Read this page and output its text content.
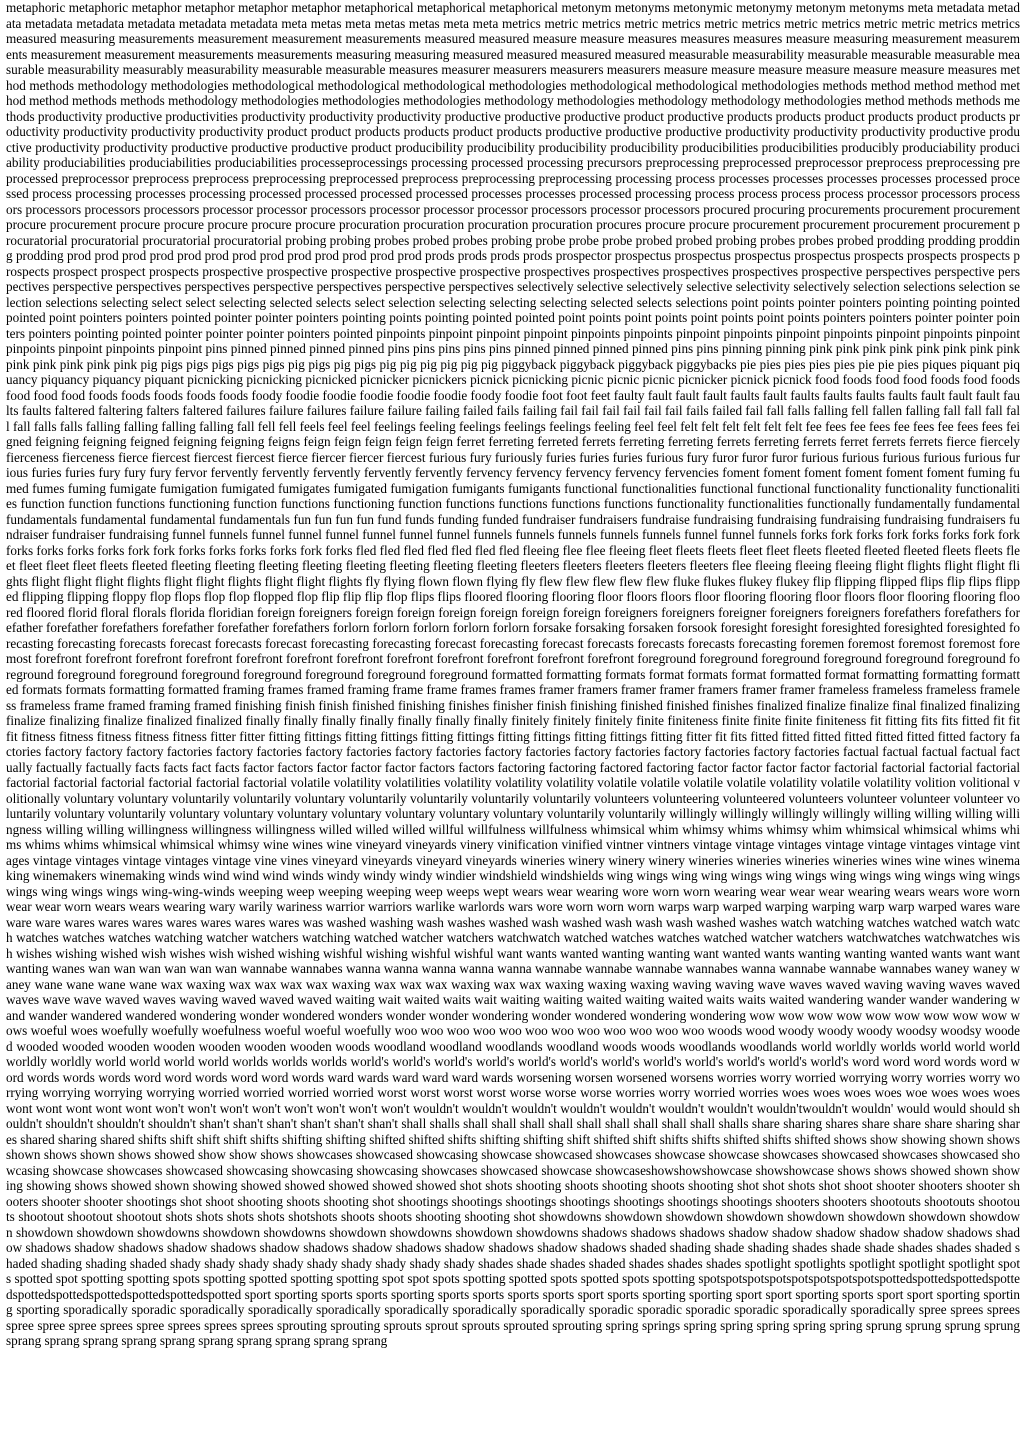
metaphoric metaphoric metaphor metaphor metaphor metaphor metaphorical metaphorical metaphorical metonym metonyms metonymic metonymy metonym metonyms meta metadata metadata metadata metadata metadata metadata metadata meta metas meta metas metas meta meta metrics metric metrics metric metrics metric metrics metric metrics metric metric metrics metrics measured measuring measurements measurement measurement measurements measured measured measure measure measures measures measures measure measuring measurement measurements measurement measurement measurements measurements measuring measuring measured measured measured measured measurable measurability measurable measurable measurable measurable measurability measurably measurability measurable measurable measures measurer measurers measurers measurers measure measure measure measure measure measure measures method methods methodology methodologies methodological methodological methodological methodologies methodological methodological methodologies methods method method method method method methods methods methodology methodologies methodologies methodologies methodology methodologies methodology methodology methodologies method methods methods methods productivity productive productivities productivity productivity productivity productive productive productive product productive products products product products product products productivity productivity productivity productivity product product products products product products productive productive productive productivity productivity productivity productive productive productivity productivity productive productive productive product producibility producibility producibility producibility producibilities producibilities producibly produciability produciability produciabilities produciabilities produciabilities processeprocessings processing processed processing precursors preprocessing preprocessed preprocessor preprocess preprocessing preprocessed preprocessor preprocess preprocess preprocessing preprocessed preprocess preprocessing preprocessing processing process processes processes processes processes processed processed process processing processes processing processed processed processed processed processes processes processed processing process process process process processor processors processors processors processors processors processor processor processors processor processor processor processors processor processors procured procuring procurements procurement procurement procure procurement procure procure procure procure procure procuration procuration procuration procuration procures procure procure procurement procurement procurement procurement procuratorial procuratorial procuratorial procuratorial probing probing probes probed probes probing probe probe probe probed probed probing probes probes probed prodding prodding prodding prodding prod prod prod prod prod prod prod prod prod prod prod prod prod prods prods prods prods prospector prospectus prospectus prospectus prospectus prospects prospects prospects prospects prospect prospect prospects prospective prospective prospective prospective prospective prospectives prospectives prospectives prospectives prospective perspectives perspective perspectives perspective perspectives perspectives perspective perspectives perspective perspectives selectively selective selectively selective selectivity selectively selection selections selection selection selections selecting select select selecting selected selects select selection selecting selecting selecting selected selects selections point points pointer pointers pointing pointing pointed pointed point pointers pointers pointed pointer pointer pointers pointing points pointing pointed pointed point points point points point points point points pointers pointers pointer pointer pointers pointers pointing pointed pointer pointer pointer pointers pointed pinpoints pinpoint pinpoint pinpoint pinpoints pinpoints pinpoint pinpoints pinpoint pinpoints pinpoint pinpoints pinpoint pinpoints pinpoint pinpoints pinpoint pins pinned pinned pinned pinned pins pins pins pins pins pinned pinned pinned pinned pins pins pinning pinning pink pink pink pink pink pink pink pink pink pink pink pink pink pig pigs pigs pigs pigs pigs pig pigs pig pigs pig pig pig pig pig pig piggyback piggyback piggyback piggybacks pie pies pies pies pies pie pie pies piques piquant piquancy piquancy piquancy piquant picnicking picnicking picnicked picnicker picnickers picnick picnicking picnic picnic picnic picnicker picnick picnick food foods food food foods food foods food food food foods foods foods foods foods foody foodie foodie foodie foodie foodie foody foodie foot foot feet faulty fault fault fault faults fault faults faults faults faults fault fault fault faults faults faltered faltering falters faltered failures failure failures failure failure failing failed fails failing fail fail fail fail fail fail fails failed fail fall falls falling fell fallen falling fall fall fall fall fall falls falls falling falling falling falling fall fell fell feels feel feel feelings feeling feelings feelings feelings feeling feel feel felt felt felt felt felt felt fee fees fee fees fee fees fee fees fees feigned feigning feigning feigned feigning feigning feigns feign feign feign feign feign ferret ferreting ferreted ferrets ferreting ferreting ferrets ferreting ferrets ferret ferrets ferrets fierce fiercely fierceness fierceness fierce fiercest fiercest fiercest fierce fiercer fiercer fiercest furious fury furiously furies furies furies furious fury furor furor furor furious furious furious furious furious furious furies furies fury fury fury fervor fervently fervently fervently fervently fervently fervency fervency fervency fervency fervencies foment foment foment foment foment foment fuming fumed fumes fuming fumigate fumigation fumigated fumigates fumigated fumigation fumigants fumigants functional functionalities functional functional functionality functionality functionalities function function functions functioning function functions functioning function functions functions functions functions functionality functionalities functionally fundamentally fundamental fundamentals fundamental fundamental fundamentals fun fun fun fun fund funds funding funded fundraiser fundraisers fundraise fundraising fundraising fundraising fundraising fundraisers fundraiser fundraiser fundraising funnel funnels funnel funnel funnel funnel funnel funnel funnels funnels funnels funnels funnels funnel funnel funnels forks fork forks fork forks forks fork fork forks forks forks forks fork fork forks forks forks forks fork forks fled fled fled fled fled fled fled fleeing flee flee fleeing fleet fleets fleets fleet fleet fleets fleeted fleeted fleeted fleets fleets fleet fleet fleet fleet fleets fleeted fleeting fleeting fleeting fleeting fleeting fleeting fleeting fleeting fleeters fleeters fleeters fleeters fleeters flee fleeing fleeing fleeing flight flights flight flight flights flight flight flight flights flight flight flights flight flight flights fly flying flown flown flying fly flew flew flew flew flew fluke flukes flukey flukey flip flipping flipped flips flip flips flipped flipping flipping floppy flop flops flop flop flopped flop flip flip flip flop flips flips floored flooring flooring floor floors floors floor flooring flooring floor floors floor flooring flooring floored floored florid floral florals florida floridian foreign foreigners foreign foreign foreign foreign foreign foreign foreigners foreigners foreigner foreigners foreigners forefathers forefathers forefather forefather forefathers forefather forefather forefathers forlorn forlorn forlorn forlorn forlorn forsake forsaking forsaken forsook foresight foresight foresighted foresighted foresighted forecasting forecasting forecasts forecast forecasts forecast forecasting forecasting forecast forecasting forecast forecasts forecasts forecasts forecasting foremen foremost foremost foremost foremost forefront forefront forefront forefront forefront forefront forefront forefront forefront forefront forefront forefront foreground foreground foreground foreground foreground foreground foreground foreground foreground foreground foreground foreground foreground foreground formatted formatting formats format formats format formatted format formatting formatting formatted formats formats formatting formatted framing frames framed framing frame frame frames frames framer framers framer framer framers framer framer frameless frameless frameless frameless frameless frame framed framing framed finishing finish finish finished finishing finishes finisher finish finishing finished finished finishes finalized finalize finalize final finalized finalizing finalize finalizing finalize finalized finalized finally finally finally finally finally finally finally finitely finitely finitely finite finiteness finite finite finite finiteness fit fitting fits fits fitted fit fit fit fitness fitness fitness fitness fitness fitter fitter fitting fittings fitting fittings fitting fittings fitting fittings fitting fittings fitting fitter fit fits fitted fitted fitted fitted fitted fitted fitted factory factories factory factory factory factories factory factories factory factories factory factories factory factories factory factories factory factories factory factories factual factual factual factual factually factually factually facts facts fact facts factor factors factor factor factor factors factors factoring factoring factored factoring factor factor factor factor factorial factorial factorial factorial factorial factorial factorial factorial factorial factorial volatile volatility volatilities volatility volatility volatility volatile volatile volatile volatile volatility volatile volatility volition volitional volitionally voluntary voluntary voluntarily voluntarily voluntary voluntarily voluntarily voluntarily voluntarily volunteers volunteering volunteered volunteers volunteer volunteer volunteer voluntarily voluntary voluntarily voluntary voluntary voluntary voluntary voluntary voluntary voluntary voluntarily voluntarily willingly willingly willingly willingly willing willing willing willingness willing willing willingness willingness willingness willed willed willed willful willfulness willfulness whimsical whim whimsy whims whimsy whim whimsical whimsical whims whims whims whims whimsical whimsical whimsy wine wines wine vineyard vineyards vinery vinification vinified vintner vintners vintage vintage vintages vintage vintage vintages vintage vintages vintage vintages vintage vintages vintage vine vines vineyard vineyards vineyard vineyards wineries winery winery winery wineries wineries wineries wineries wines wine wines winemaking winemakers winemaking winds wind wind wind winds windy windy windy windier windshield windshields wing wings wing wing wings wing wings wing wings wing wings wing wings wings wing wings wings wing-wing-winds weeping weep weeping weeping weep weeps wept wears wear wearing wore worn worn wearing wear wear wear wearing wears wears wore worn wear wear worn wears wears wearing wary warily wariness warrior warriors warlike warlords wars wore worn worn worn warps warp warped warping warping warp warp warped wares ware ware ware wares wares wares wares wares wares wares was washed washing wash washes washed wash washed wash wash wash washed washes watch watching watches watched watch watch watches watches watches watching watcher watchers watching watched watcher watchers watchwatch watched watches watches watched watcher watchers watchwatches watchwatches wish wishes wishing wished wish wishes wish wished wishing wishful wishing wishful wishful want wants wanted wanting wanting want wanted wants wanting wanting wanted wants want want wanting wanes wan wan wan wan wan wan wannabe wannabes wanna wanna wanna wanna wanna wannabe wannabe wannabe wannabes wanna wannabe wannabe wannabes waney waney waney wane wane wane wane wax waxing wax wax wax wax waxing wax wax wax waxing wax wax waxing waxing waxing waving waving wave waves waved waving waving waves waved waves wave wave waved waves waving waved waved waved waiting wait waited waits wait waiting waiting waited waiting waited waits waits waited wandering wander wander wandering wand wander wandered wandered wondering wonder wondered wonders wonder wonder wondering wonder wondered wondering wondering wow wow wow wow wow wow wow wow wow wows woeful woes woefully woefully woefulness woeful woeful woefully woo woo woo woo woo woo woo woo woo woo woo woo woods wood woody woody woody woodsy woodsy wooded wooded wooded wooden wooden wooden wooden wooden woods woodland woodland woodlands woodland woods woods woodlands woodlands world worldly worlds world world world worldly worldly world world world world worlds worlds worlds world's world's world's world's world's world's world's world's world's world's world's world's word word word words word word words words words word word words word word words ward wards ward ward ward wards worsening worsen worsened worsens worries worry worried worrying worry worries worry worrying worrying worrying worrying worried worried worried worried worst worst worst worst worse worse worse worries worry worried worries woes woes woes woes woe woes woes woes wont wont wont wont wont won't won't won't won't won't won't won't won't wouldn't wouldn't wouldn't wouldn't wouldn't wouldn't wouldn't wouldn'twouldn't wouldn' would would should shouldn't shouldn't shouldn't shouldn't shan't shan't shan't shan't shan't shan't shall shalls shall shall shall shall shall shall shall shall shall shalls share sharing shares share share share sharing shares shared sharing shared shifts shift shift shift shifts shifting shifting shifted shifted shifts shifting shifting shift shifted shift shifts shifts shifted shifts shifted shows show showing shown shows shown shows shown shows showed show show shows showcases showcased showcasing showcase showcased showcases showcase showcase showcases showcased showcases showcased showcasing showcase showcases showcased showcasing showcasing showcasing showcases showcased showcase showcaseshowshowshowcase showshowcase shows shows showed shown showing showing shows showed shown showing showed showed showed showed showed shot shots shooting shoots shooting shoots shooting shot shot shots shot shoot shooter shooters shooter shooters shooter shooter shootings shot shoot shooting shoots shooting shot shootings shootings shootings shootings shootings shootings shootings shooters shooters shootouts shootouts shootouts shootout shootout shootout shots shots shots shots shotshots shoots shoots shooting shooting shot showdowns showdown showdown showdown showdown showdown showdown showdown showdown showdown showdowns showdown showdowns showdown showdowns showdown showdowns shadows shadows shadows shadow shadow shadow shadow shadow shadows shadow shadows shadow shadows shadow shadows shadow shadows shadow shadows shadow shadows shadow shadows shaded shading shade shading shades shade shade shades shades shaded shaded shading shading shaded shady shady shady shady shady shady shady shady shady shades shade shades shaded shades shades shades spotlight spotlights spotlight spotlight spotlight spots spotted spot spotting spotting spots spotting spotted spotting spotting spot spot spots spotting spotted spots spotted spots spotting spotspotspotspotspotspotspotspotspottedspottedspottedspottedspottedspottedspottedspottedspottedspotted sport sporting sports sports sporting sports sports sports sports sport sports sporting sporting sport sport sporting sports sport sport sporting sporting sporting sporadically sporadic sporadically sporadically sporadically sporadically sporadically sporadically sporadic sporadic sporadic sporadic sporadically sporadically spree sprees sprees spree spree spree sprees spree sprees sprees sprees sprouting sprouting sprouts sprout sprouts sprouted sprouting spring springs spring spring spring spring spring sprung sprung sprung sprung sprang sprang sprang sprang sprang sprang sprang sprang sprang sprang
